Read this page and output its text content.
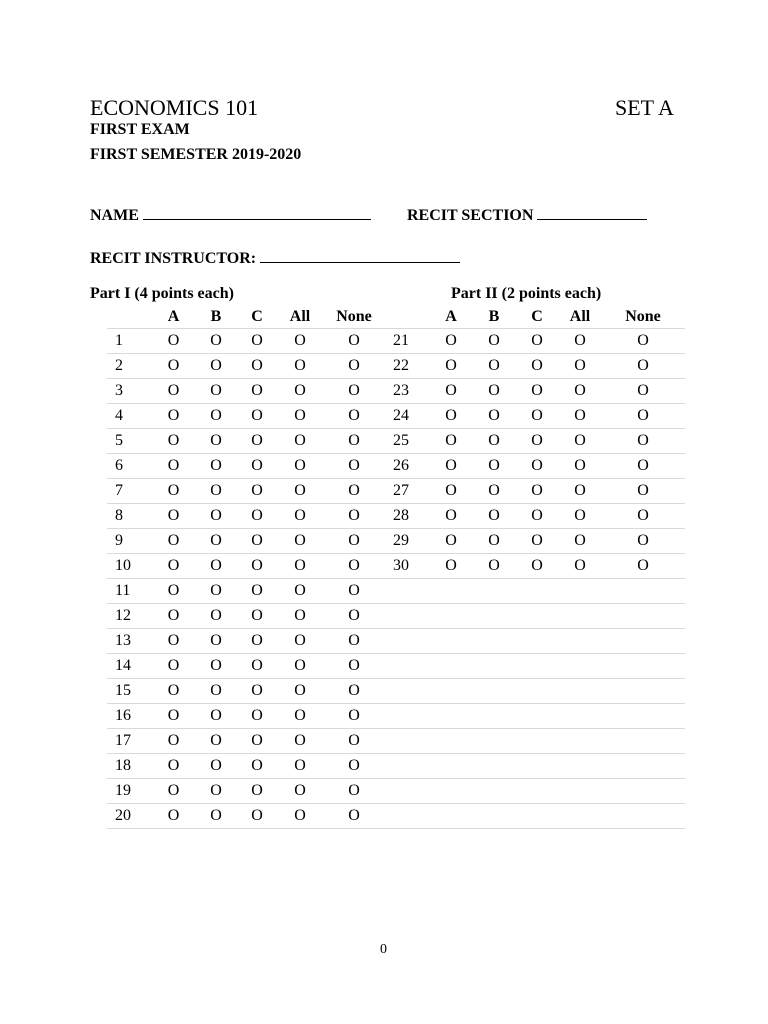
ECONOMICS 101	SET A
FIRST EXAM
FIRST SEMESTER 2019-2020
NAME	RECIT SECTION
RECIT INSTRUCTOR:
Part I (4 points each)	Part II (2 points each)
	A	B	C	All	None		A	B	C	All	None
1	O	O	O	O	O	21	O	O	O	O	O
2	O	O	O	O	O	22	O	O	O	O	O
3	O	O	O	O	O	23	O	O	O	O	O
4	O	O	O	O	O	24	O	O	O	O	O
5	O	O	O	O	O	25	O	O	O	O	O
6	O	O	O	O	O	26	O	O	O	O	O
7	O	O	O	O	O	27	O	O	O	O	O
8	O	O	O	O	O	28	O	O	O	O	O
9	O	O	O	O	O	29	O	O	O	O	O
10	O	O	O	O	O	30	O	O	O	O	O
11	O	O	O	O	O						
12	O	O	O	O	O						
13	O	O	O	O	O						
14	O	O	O	O	O						
15	O	O	O	O	O						
16	O	O	O	O	O						
17	O	O	O	O	O						
18	O	O	O	O	O						
19	O	O	O	O	O						
20	O	O	O	O	O						
0
